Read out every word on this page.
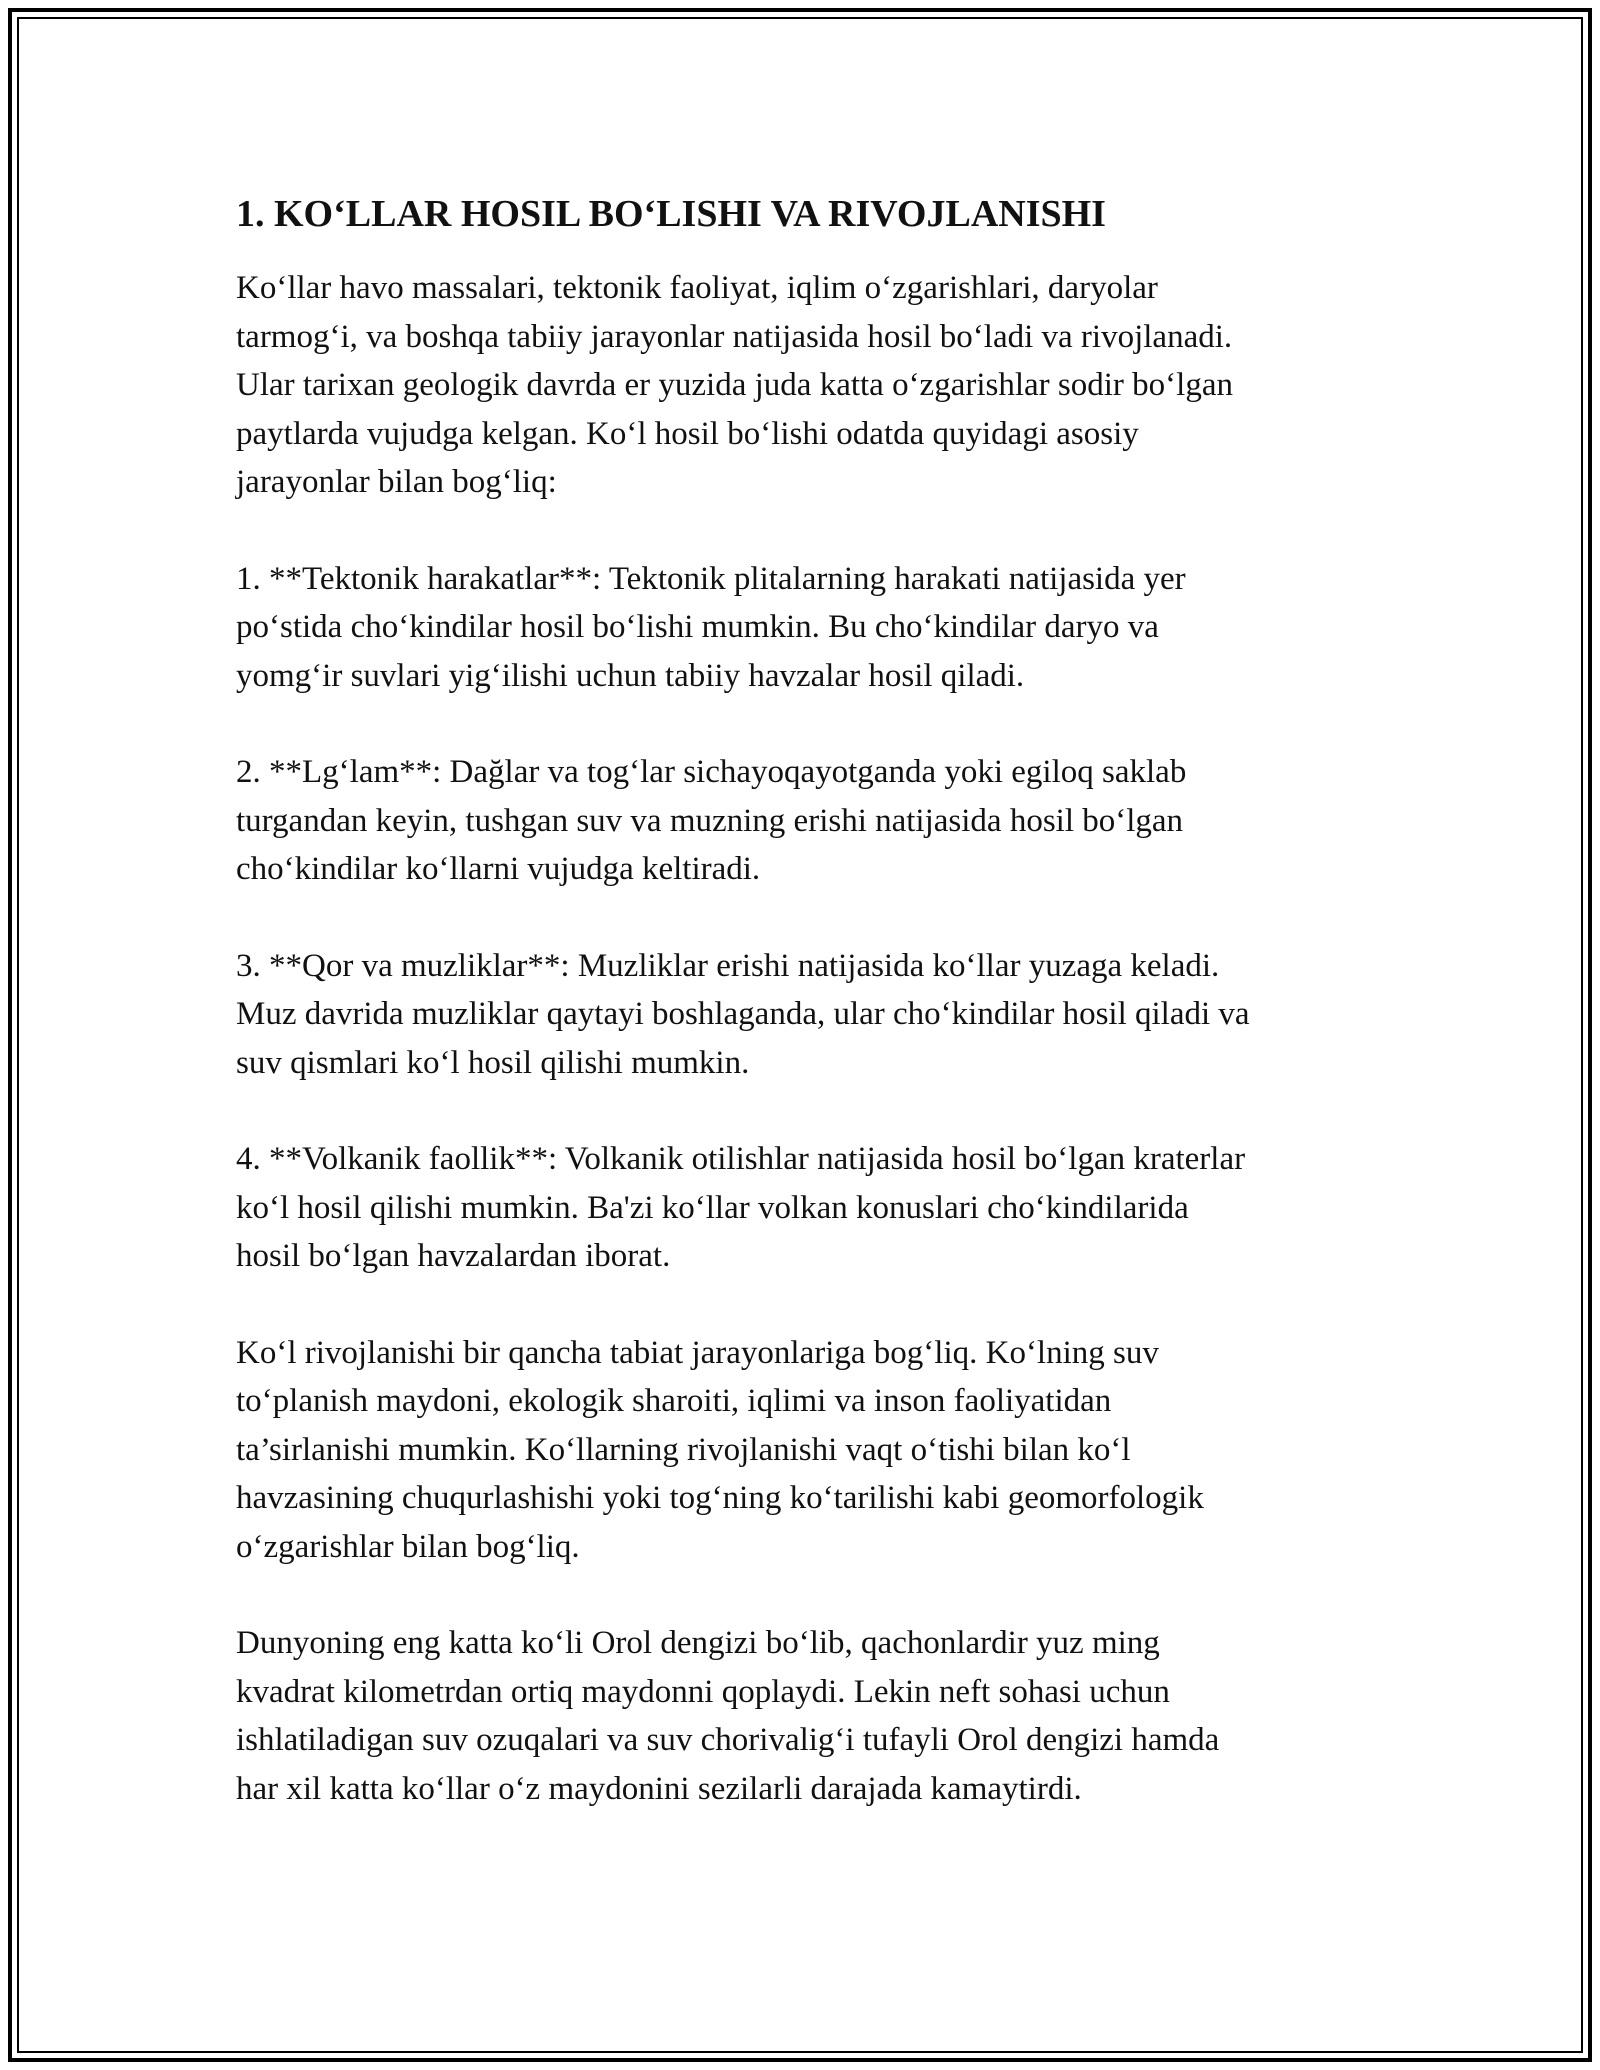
1. KO‘LLAR HOSIL BO‘LISHI VA RIVOJLANISHI

Ko‘llar havo massalari, tektonik faoliyat, iqlim o‘zgarishlari, daryolar
tarmog‘i, va boshqa tabiiy jarayonlar natijasida hosil bo‘ladi va rivojlanadi.
Ular tarixan geologik davrda er yuzida juda katta o‘zgarishlar sodir bo‘lgan
paytlarda vujudga kelgan. Ko‘l hosil bo‘lishi odatda quyidagi asosiy
jarayonlar bilan bog‘liq:

1. **Tektonik harakatlar**: Tektonik plitalarning harakati natijasida yer
po‘stida cho‘kindilar hosil bo‘lishi mumkin. Bu cho‘kindilar daryo va
yomg‘ir suvlari yig‘ilishi uchun tabiiy havzalar hosil qiladi.

2. **Lg‘lam**: Dağlar va tog‘lar sichayoqayotganda yoki egiloq saklab
turgandan keyin, tushgan suv va muzning erishi natijasida hosil bo‘lgan
cho‘kindilar ko‘llarni vujudga keltiradi.

3. **Qor va muzliklar**: Muzliklar erishi natijasida ko‘llar yuzaga keladi.
Muz davrida muzliklar qaytayi boshlaganda, ular cho‘kindilar hosil qiladi va
suv qismlari ko‘l hosil qilishi mumkin.

4. **Volkanik faollik**: Volkanik otilishlar natijasida hosil bo‘lgan kraterlar
ko‘l hosil qilishi mumkin. Ba'zi ko‘llar volkan konuslari cho‘kindilarida
hosil bo‘lgan havzalardan iborat.

Ko‘l rivojlanishi bir qancha tabiat jarayonlariga bog‘liq. Ko‘lning suv
to‘planish maydoni, ekologik sharoiti, iqlimi va inson faoliyatidan
ta’sirlanishi mumkin. Ko‘llarning rivojlanishi vaqt o‘tishi bilan ko‘l
havzasining chuqurlashishi yoki tog‘ning ko‘tarilishi kabi geomorfologik
o‘zgarishlar bilan bog‘liq.

Dunyoning eng katta ko‘li Orol dengizi bo‘lib, qachonlardir yuz ming
kvadrat kilometrdan ortiq maydonni qoplaydi. Lekin neft sohasi uchun
ishlatiladigan suv ozuqalari va suv chorivalig‘i tufayli Orol dengizi hamda
har xil katta ko‘llar o‘z maydonini sezilarli darajada kamaytirdi.
